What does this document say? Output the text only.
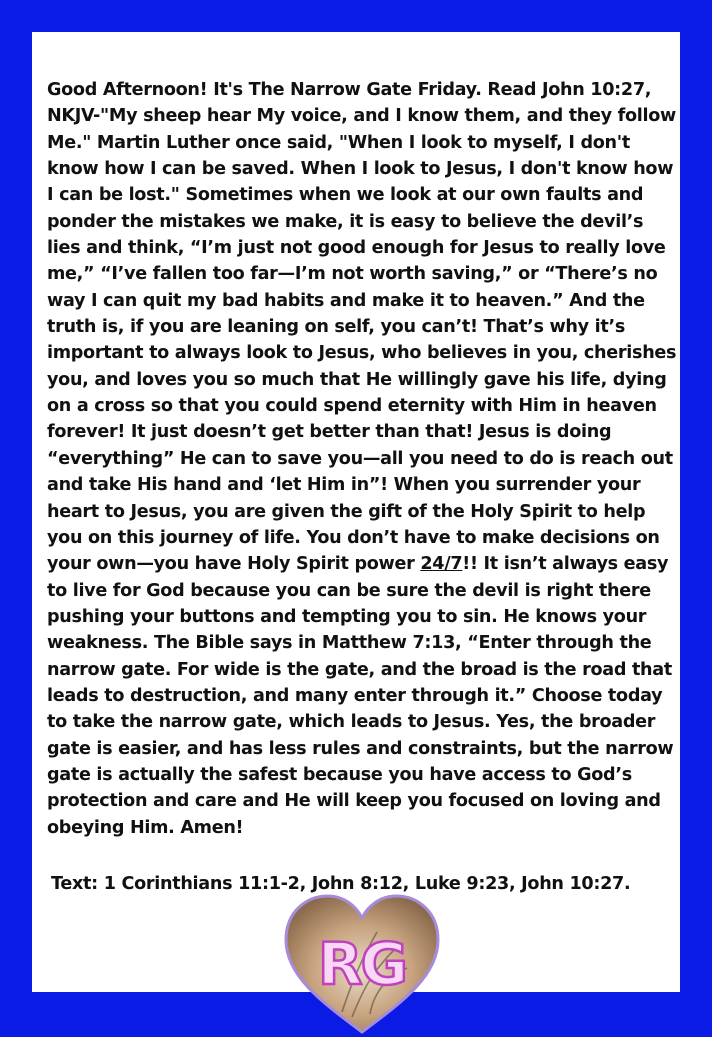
Good Afternoon! It's The Narrow Gate Friday. Read John 10:27, NKJV-"My sheep hear My voice, and I know them, and they follow Me." Martin Luther once said, "When I look to myself, I don't know how I can be saved. When I look to Jesus, I don't know how I can be lost." Sometimes when we look at our own faults and ponder the mistakes we make, it is easy to believe the devil’s lies and think, “I’m just not good enough for Jesus to really love me,” “I’ve fallen too far—I’m not worth saving,” or “There’s no way I can quit my bad habits and make it to heaven.” And the truth is, if you are leaning on self, you can’t! That’s why it’s important to always look to Jesus, who believes in you, cherishes you, and loves you so much that He willingly gave his life, dying on a cross so that you could spend eternity with Him in heaven forever! It just doesn’t get better than that! Jesus is doing “everything” He can to save you—all you need to do is reach out and take His hand and ‘let Him in”! When you surrender your heart to Jesus, you are given the gift of the Holy Spirit to help you on this journey of life. You don’t have to make decisions on your own—you have Holy Spirit power 24/7!! It isn’t always easy to live for God because you can be sure the devil is right there pushing your buttons and tempting you to sin. He knows your weakness. The Bible says in Matthew 7:13, “Enter through the narrow gate. For wide is the gate, and the broad is the road that leads to destruction, and many enter through it.” Choose today to take the narrow gate, which leads to Jesus. Yes, the broader gate is easier, and has less rules and constraints, but the narrow gate is actually the safest because you have access to God’s protection and care and He will keep you focused on loving and obeying Him. Amen!

Text: 1 Corinthians 11:1-2, John 8:12, Luke 9:23, John 10:27.

RG
